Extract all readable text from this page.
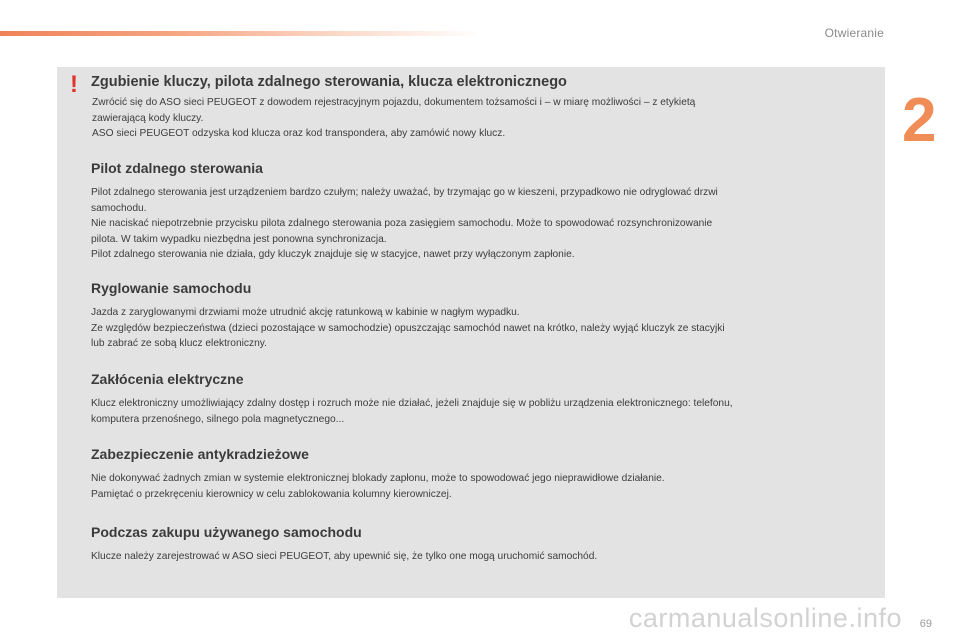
Otwieranie
2
! Zgubienie kluczy, pilota zdalnego sterowania, klucza elektronicznego

Zwrócić się do ASO sieci PEUGEOT z dowodem rejestracyjnym pojazdu, dokumentem tożsamości i – w miarę możliwości – z etykietą

zawierającą kody kluczy.

ASO sieci PEUGEOT odzyska kod klucza oraz kod transpondera, aby zamówić nowy klucz.

Pilot zdalnego sterowania

Pilot zdalnego sterowania jest urządzeniem bardzo czułym; należy uważać, by trzymając go w kieszeni, przypadkowo nie odryglować drzwi

samochodu.

Nie naciskać niepotrzebnie przycisku pilota zdalnego sterowania poza zasięgiem samochodu. Może to spowodować rozsynchronizowanie

pilota. W takim wypadku niezbędna jest ponowna synchronizacja.

Pilot zdalnego sterowania nie działa, gdy kluczyk znajduje się w stacyjce, nawet przy wyłączonym zapłonie.

Ryglowanie samochodu

Jazda z zaryglowanymi drzwiami może utrudnić akcję ratunkową w kabinie w nagłym wypadku.

Ze względów bezpieczeństwa (dzieci pozostające w samochodzie) opuszczając samochód nawet na krótko, należy wyjąć kluczyk ze stacyjki

lub zabrać ze sobą klucz elektroniczny.

Zakłócenia elektryczne

Klucz elektroniczny umożliwiający zdalny dostęp i rozruch może nie działać, jeżeli znajduje się w pobliżu urządzenia elektronicznego: telefonu,

komputera przenośnego, silnego pola magnetycznego...

Zabezpieczenie antykradzieżowe

Nie dokonywać żadnych zmian w systemie elektronicznej blokady zapłonu, może to spowodować jego nieprawidłowe działanie.

Pamiętać o przekręceniu kierownicy w celu zablokowania kolumny kierowniczej.

Podczas zakupu używanego samochodu

Klucze należy zarejestrować w ASO sieci PEUGEOT, aby upewnić się, że tylko one mogą uruchomić samochód.

69
carmanualsonline.info
